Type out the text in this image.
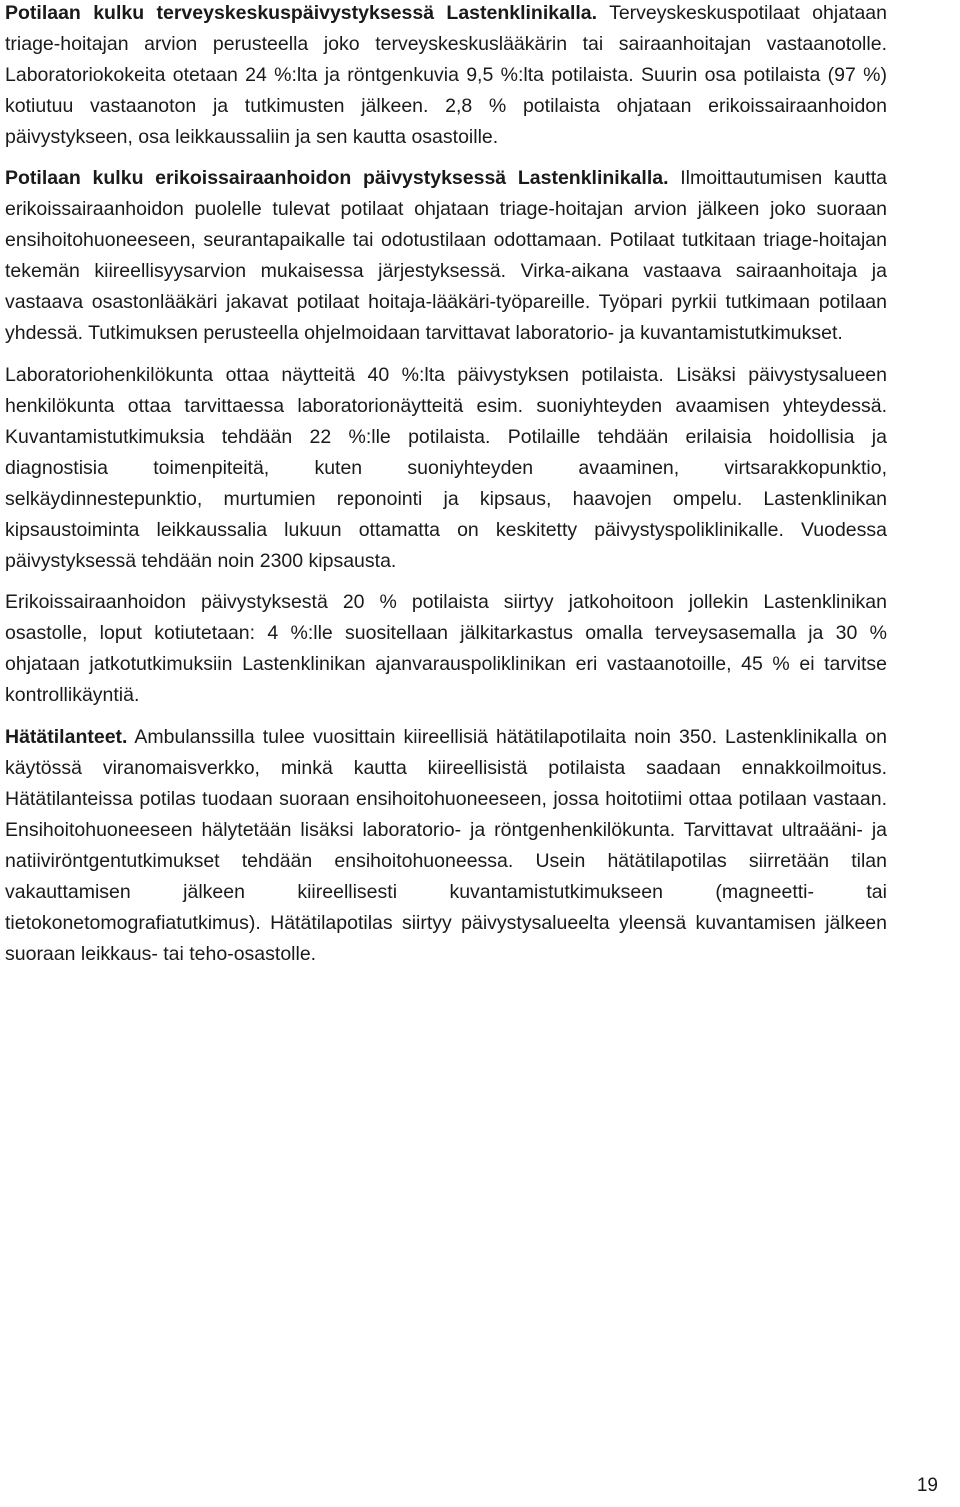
Potilaan kulku terveyskeskuspäivystyksessä Lastenklinikalla. Terveyskeskuspotilaat ohjataan triage-hoitajan arvion perusteella joko terveyskeskuslääkärin tai sairaanhoitajan vastaanotolle. Laboratoriokokeita otetaan 24 %:lta ja röntgenkuvia 9,5 %:lta potilaista. Suurin osa potilaista (97 %) kotiutuu vastaanoton ja tutkimusten jälkeen. 2,8 % potilaista ohjataan erikoissairaanhoidon päivystykseen, osa leikkaussaliin ja sen kautta osastoille.

Potilaan kulku erikoissairaanhoidon päivystyksessä Lastenklinikalla. Ilmoittautumisen kautta erikoissairaanhoidon puolelle tulevat potilaat ohjataan triage-hoitajan arvion jälkeen joko suoraan ensihoitohuoneeseen, seurantapaikalle tai odotustilaan odottamaan. Potilaat tutkitaan triage-hoitajan tekemän kiireellisyysarvion mukaisessa järjestyksessä. Virka-aikana vastaava sairaanhoitaja ja vastaava osastonlääkäri jakavat potilaat hoitaja-lääkäri-työpareille. Työpari pyrkii tutkimaan potilaan yhdessä. Tutkimuksen perusteella ohjelmoidaan tarvittavat laboratorio- ja kuvantamistutkimukset.

Laboratoriohenkilökunta ottaa näytteitä 40 %:lta päivystyksen potilaista. Lisäksi päivystysalueen henkilökunta ottaa tarvittaessa laboratorionäytteitä esim. suoniyhteyden avaamisen yhteydessä. Kuvantamistutkimuksia tehdään 22 %:lle potilaista. Potilaille tehdään erilaisia hoidollisia ja diagnostisia toimenpiteitä, kuten suoniyhteyden avaaminen, virtsarakkopunktio, selkäydinnestepunktio, murtumien reponointi ja kipsaus, haavojen ompelu. Lastenklinikan kipsaustoiminta leikkaussalia lukuun ottamatta on keskitetty päivystyspoliklinikalle. Vuodessa päivystyksessä tehdään noin 2300 kipsausta.

Erikoissairaanhoidon päivystyksestä 20 % potilaista siirtyy jatkohoitoon jollekin Lastenklinikan osastolle, loput kotiutetaan: 4 %:lle suositellaan jälkitarkastus omalla terveysasemalla ja 30 % ohjataan jatkotutkimuksiin Lastenklinikan ajanvarauspoliklinikan eri vastaanotoille, 45 % ei tarvitse kontrollikäyntiä.

Hätätilanteet. Ambulanssilla tulee vuosittain kiireellisiä hätätilapotilaita noin 350. Lastenklinikalla on käytössä viranomaisverkko, minkä kautta kiireellisistä potilaista saadaan ennakkoilmoitus. Hätätilanteissa potilas tuodaan suoraan ensihoitohuoneeseen, jossa hoitotiimi ottaa potilaan vastaan. Ensihoitohuoneeseen hälytetään lisäksi laboratorio- ja röntgenhenkilökunta. Tarvittavat ultraääni- ja natiiviröntgentutkimukset tehdään ensihoitohuoneessa. Usein hätätilapotilas siirretään tilan vakauttamisen jälkeen kiireellisesti kuvantamistutkimukseen (magneetti- tai tietokonetomografiatutkimus). Hätätilapotilas siirtyy päivystysalueelta yleensä kuvantamisen jälkeen suoraan leikkaus- tai teho-osastolle.

19
